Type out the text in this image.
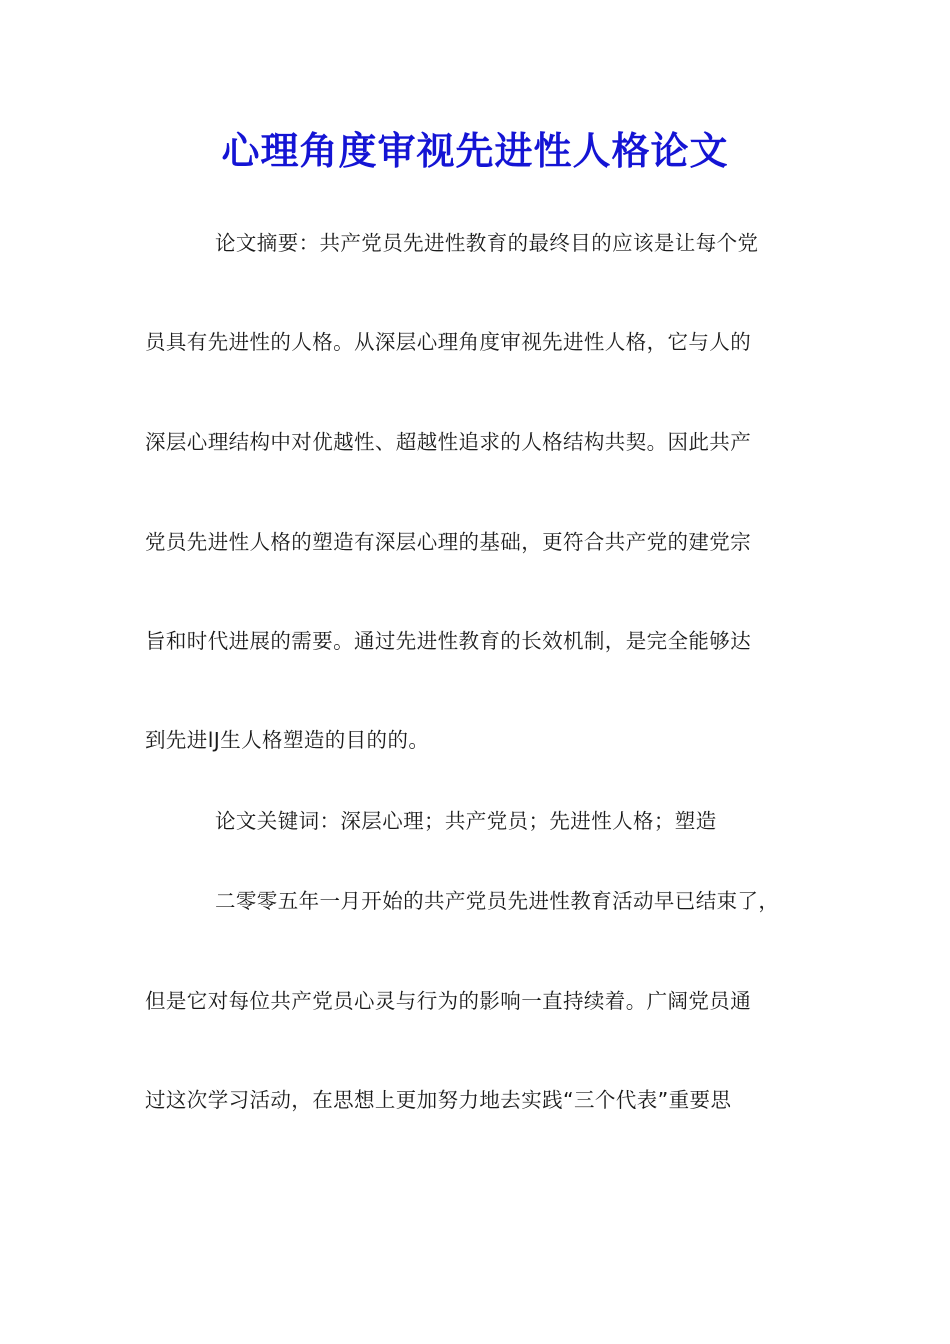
心理角度审视先进性人格论文

论文摘要：共产党员先进性教育的最终目的应该是让每个党

员具有先进性的人格。从深层心理角度审视先进性人格，它与人的

深层心理结构中对优越性、超越性追求的人格结构共契。因此共产

党员先进性人格的塑造有深层心理的基础，更符合共产党的建党宗

旨和时代进展的需要。通过先进性教育的长效机制，是完全能够达

到先进lJ生人格塑造的目的的。

论文关键词：深层心理；共产党员；先进性人格；塑造

二零零五年一月开始的共产党员先进性教育活动早已结束了，

但是它对每位共产党员心灵与行为的影响一直持续着。广阔党员通

过这次学习活动，在思想上更加努力地去实践“三个代表”重要思
